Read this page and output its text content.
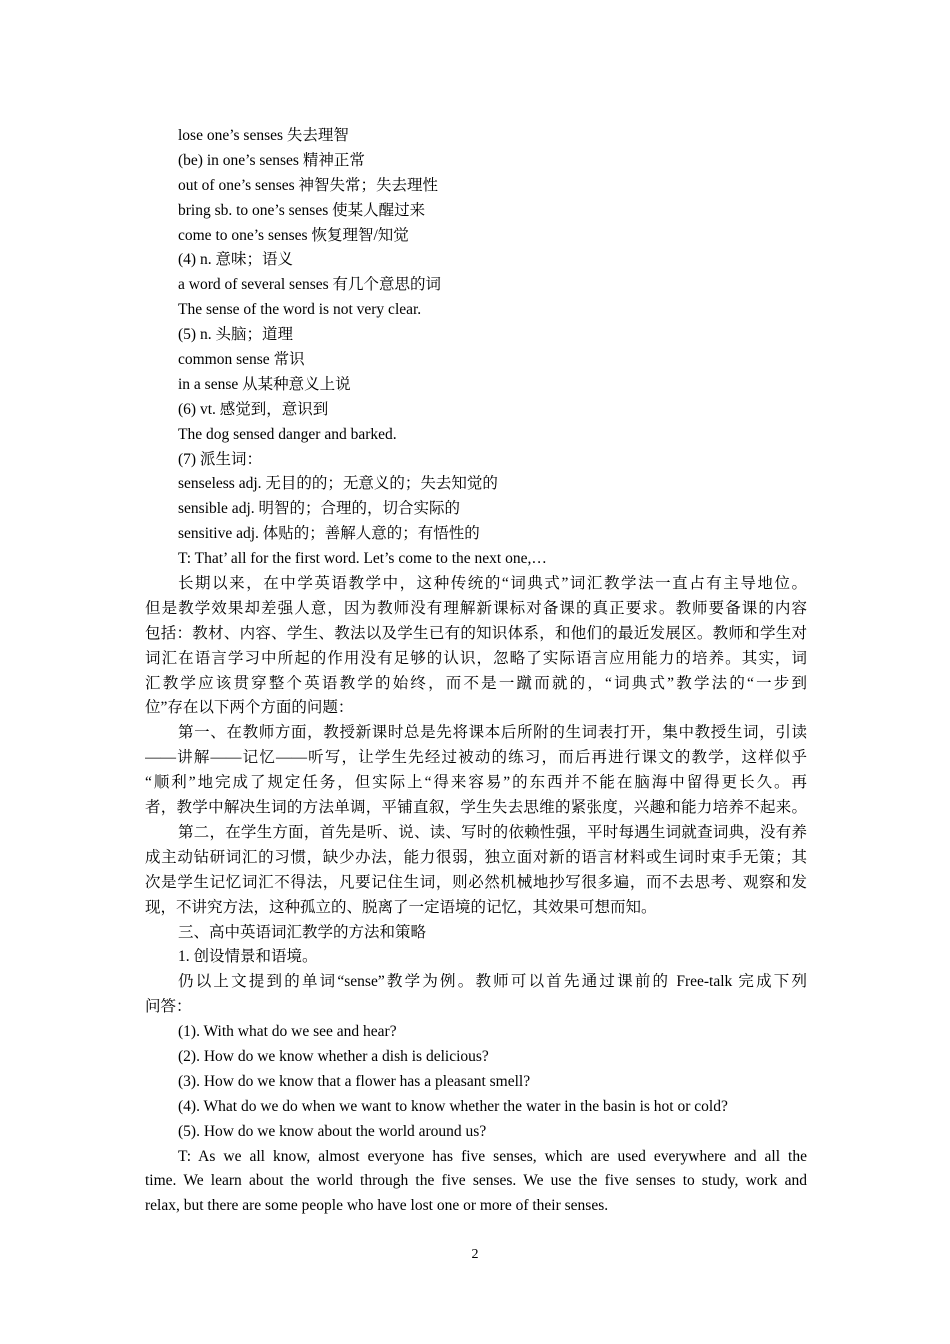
lose one’s senses 失去理智
(be) in one’s senses 精神正常
out of one’s senses 神智失常；失去理性
bring sb. to one’s senses 使某人醒过来
come to one’s senses 恢复理智/知觉
(4) n. 意味；语义
a word of several senses 有几个意思的词
The sense of the word is not very clear.
(5) n. 头脑；道理
common sense 常识
in a sense 从某种意义上说
(6) vt. 感觉到，意识到
The dog sensed danger and barked.
(7) 派生词：
senseless adj. 无目的的；无意义的；失去知觉的
sensible adj. 明智的；合理的，切合实际的
sensitive adj. 体贴的；善解人意的；有悟性的
T: That’ all for the first word. Let’s come to the next one,…
长期以来，在中学英语教学中，这种传统的“词典式”词汇教学法一直占有主导地位。
但是教学效果却差强人意，因为教师没有理解新课标对备课的真正要求。教师要备课的内容
包括：教材、内容、学生、教法以及学生已有的知识体系，和他们的最近发展区。教师和学生对
词汇在语言学习中所起的作用没有足够的认识，忽略了实际语言应用能力的培养。其实，词
汇教学应该贯穿整个英语教学的始终，而不是一蹴而就的，“词典式”教学法的“一步到
位”存在以下两个方面的问题：
第一、在教师方面，教授新课时总是先将课本后所附的生词表打开，集中教授生词，引读
——讲解——记忆——听写，让学生先经过被动的练习，而后再进行课文的教学，这样似乎
“顺利”地完成了规定任务，但实际上“得来容易”的东西并不能在脑海中留得更长久。再
者，教学中解决生词的方法单调，平铺直叙，学生失去思维的紧张度，兴趣和能力培养不起来。
第二，在学生方面，首先是听、说、读、写时的依赖性强，平时每遇生词就查词典，没有养
成主动钻研词汇的习惯，缺少办法，能力很弱，独立面对新的语言材料或生词时束手无策；其
次是学生记忆词汇不得法，凡要记住生词，则必然机械地抄写很多遍，而不去思考、观察和发
现，不讲究方法，这种孤立的、脱离了一定语境的记忆，其效果可想而知。
三、高中英语词汇教学的方法和策略
1. 创设情景和语境。
仍以上文提到的单词“sense”教学为例。教师可以首先通过课前的 Free-talk 完成下列
问答：
(1). With what do we see and hear?
(2). How do we know whether a dish is delicious?
(3). How do we know that a flower has a pleasant smell?
(4). What do we do when we want to know whether the water in the basin is hot or cold?
(5). How do we know about the world around us?
T: As we all know, almost everyone has five senses, which are used everywhere and all the
time. We learn about the world through the five senses. We use the five senses to study, work and
relax, but there are some people who have lost one or more of their senses.
2
